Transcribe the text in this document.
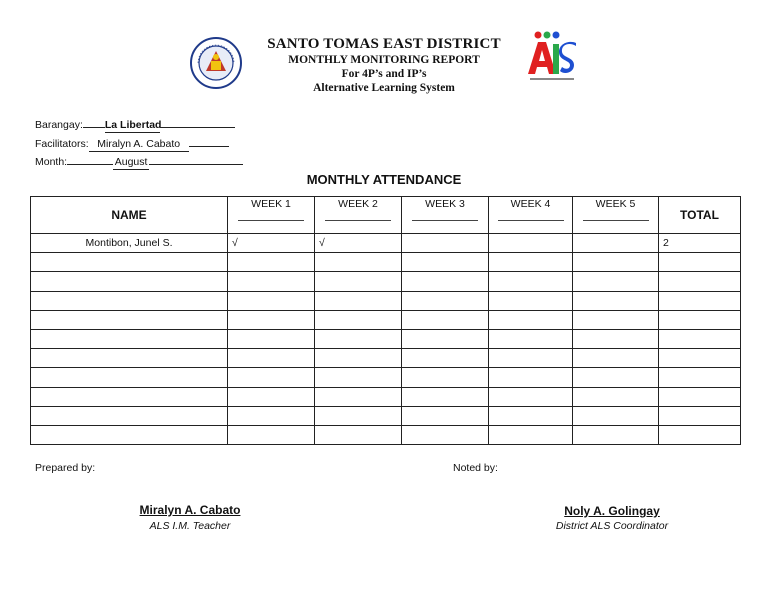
SANTO TOMAS EAST DISTRICT
MONTHLY MONITORING REPORT
For 4P’s and IP’s
Alternative Learning System
Barangay: La Libertad
Facilitators: Miralyn A. Cabato
Month:	August
MONTHLY ATTENDANCE
NAME	WEEK 1	WEEK 2	WEEK 3	WEEK 4	WEEK 5	TOTAL
Montibon, Junel S.	√	√				2

Prepared by:	Noted by:
Miralyn A. Cabato
ALS I.M. Teacher
Noly A. Golingay
District ALS Coordinator
